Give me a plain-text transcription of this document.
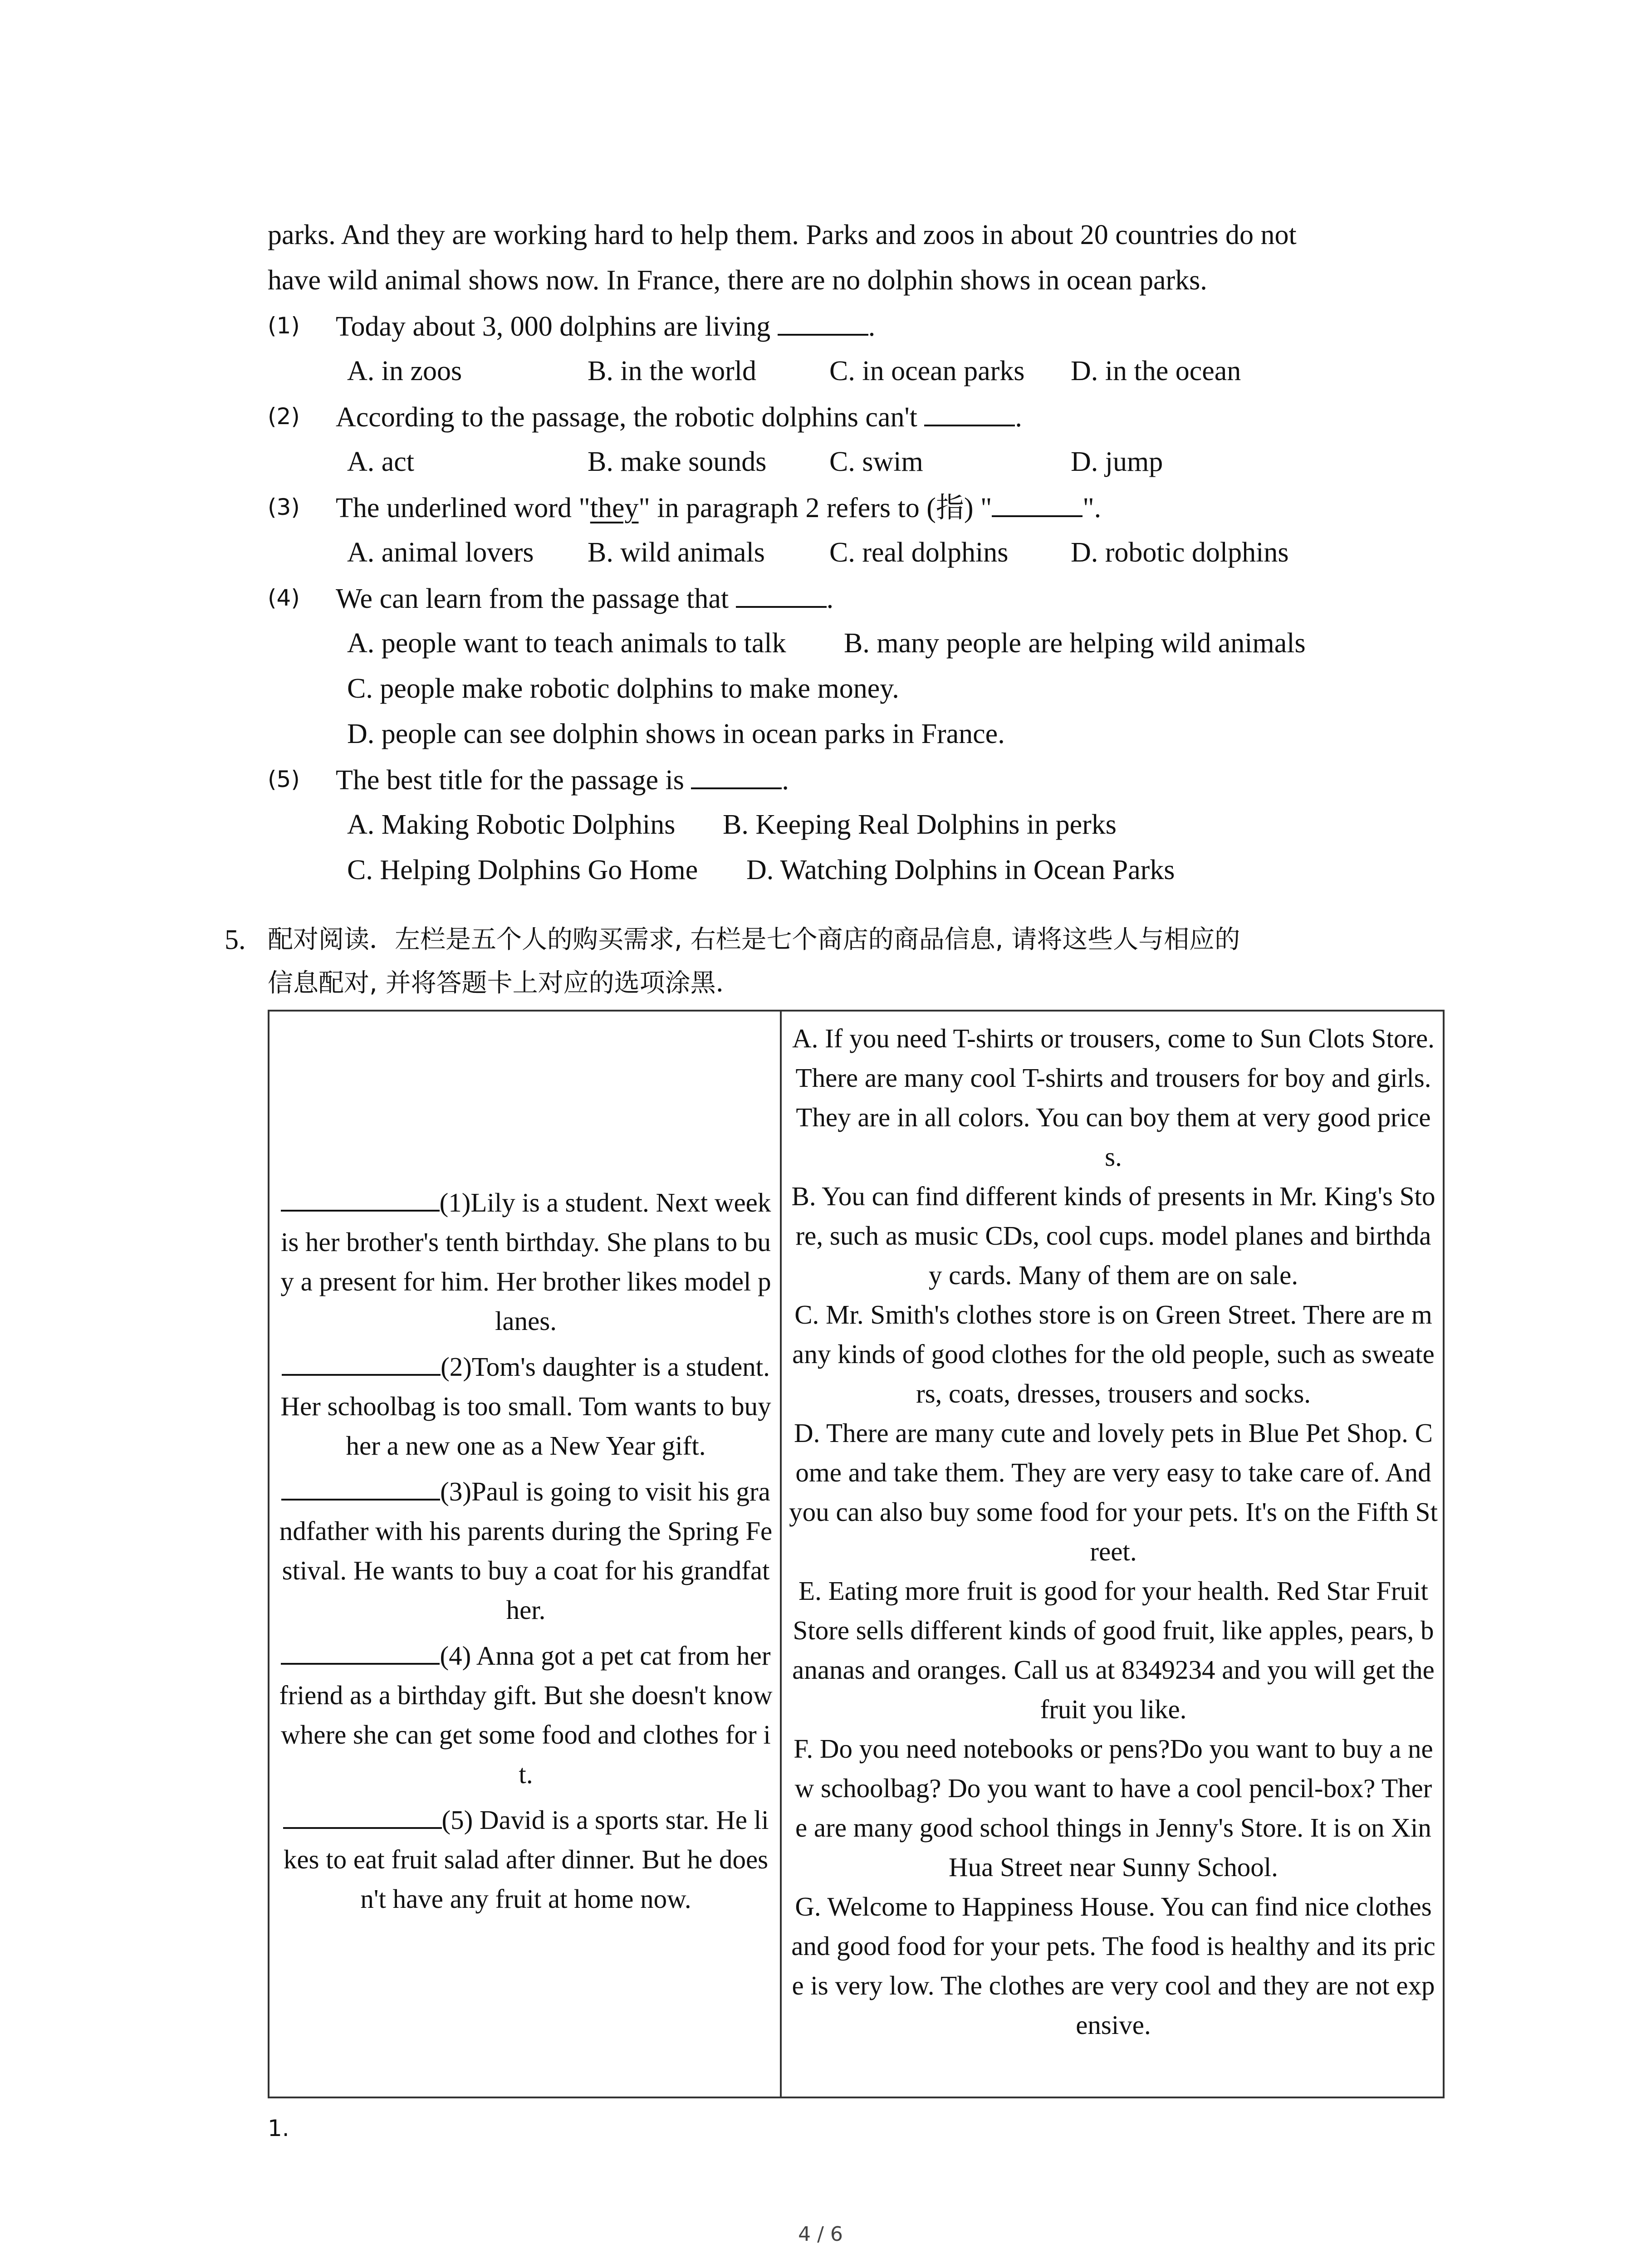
parks. And they are working hard to help them. Parks and zoos in about 20 countries do not
have wild animal shows now. In France, there are no dolphin shows in ocean parks.
(1) Today about 3, 000 dolphins are living	.
A. in zoos	B. in the world	C. in ocean parks D. in the ocean
(2) According to the passage, the robotic dolphins can't	.
A. act	B. make sounds C. swim	D. jump
(3) The underlined word "they" in paragraph 2 refers to (指) "	".
A. animal lovers B. wild animals C. real dolphins D. robotic dolphins
(4) We can learn from the passage that	.
A. people want to teach animals to talk B. many people are helping wild animals
C. people make robotic dolphins to make money.
D. people can see dolphin shows in ocean parks in France.
(5) The best title for the passage is	.
A. Making Robotic Dolphins B. Keeping Real Dolphins in perks
C. Helping Dolphins Go Home D. Watching Dolphins in Ocean Parks
5. 配对阅读．左栏是五个人的购买需求, 右栏是七个商店的商品信息, 请将这些人与相应的
信息配对, 并将答题卡上对应的选项涂黑．

(1)Lily is a student. Next week is her brother's tenth birthday. She plans to buy a present for him. Her brother likes model planes.

(2)Tom's daughter is a student. Her schoolbag is too small. Tom wants to buy her a new one as a New Year gift.

(3)Paul is going to visit his grandfather with his parents during the Spring Festival. He wants to buy a coat for his grandfather.

(4) Anna got a pet cat from her friend as a birthday gift. But she doesn't know where she can get some food and clothes for it.

(5) David is a sports star. He likes to eat fruit salad after dinner. But he doesn't have any fruit at home now.

A. If you need T-shirts or trousers, come to Sun Clots Store. There are many cool T-shirts and trousers for boy and girls. They are in all colors. You can boy them at very good prices.

B. You can find different kinds of presents in Mr. King's Store, such as music CDs, cool cups. model planes and birthday cards. Many of them are on sale.

C. Mr. Smith's clothes store is on Green Street. There are many kinds of good clothes for the old people, such as sweaters, coats, dresses, trousers and socks.

D. There are many cute and lovely pets in Blue Pet Shop. Come and take them. They are very easy to take care of. And you can also buy some food for your pets. It's on the Fifth Street.

E. Eating more fruit is good for your health. Red Star Fruit Store sells different kinds of good fruit, like apples, pears, bananas and oranges. Call us at 8349234 and you will get the fruit you like.

F. Do you need notebooks or pens?Do you want to buy a new schoolbag? Do you want to have a cool pencil-box? There are many good school things in Jenny's Store. It is on Xin Hua Street near Sunny School.

G. Welcome to Happiness House. You can find nice clothes and good food for your pets. The food is healthy and its price is very low. The clothes are very cool and they are not expensive.

1.
4 / 6
